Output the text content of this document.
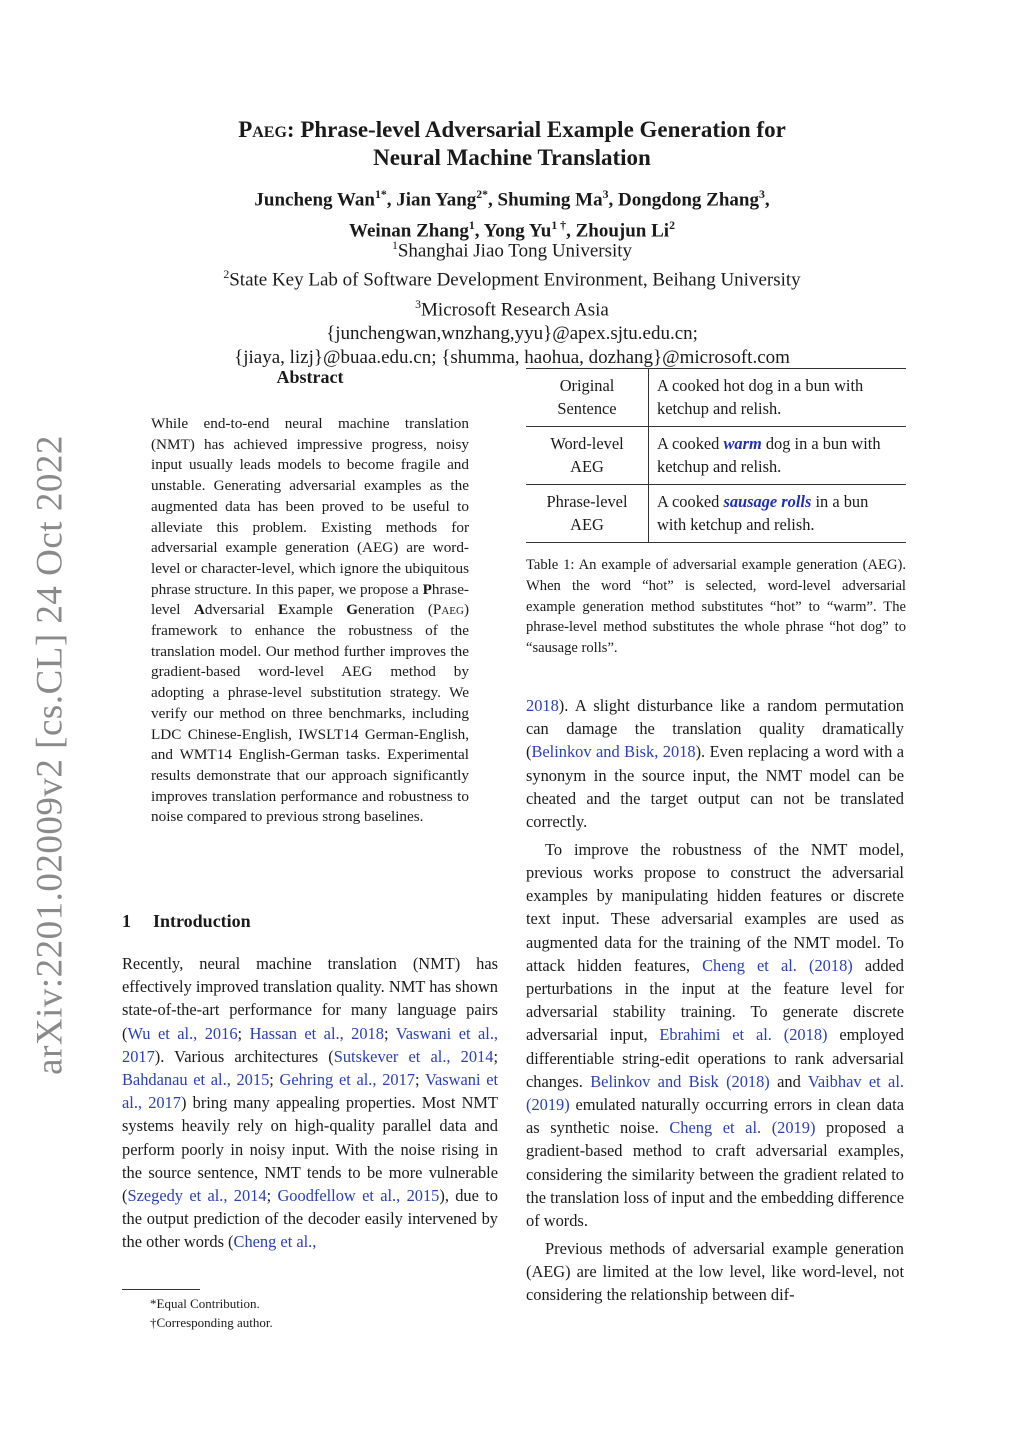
arXiv:2201.02009v2 [cs.CL] 24 Oct 2022
Paeg: Phrase-level Adversarial Example Generation for
Neural Machine Translation
Juncheng Wan$^{1*}$, Jian Yang$^{2*}$, Shuming Ma$^3$, Dongdong Zhang$^3$,
Weinan Zhang$^1$, Yong $Yu^{1 \dagger}$, Zhoujun Li$^2$
$^1$Shanghai Jiao Tong University
$^2$State Key Lab of Software Development Environment, Beihang University
$^3$Microsoft Research Asia
{junchengwan,wnzhang,yyu}@apex.sjtu.edu.cn;
{jiaya, lizj}@buaa.edu.cn; {shumma, haohua, dozhang}@microsoft.com
Abstract
While end-to-end neural machine translation (NMT) has achieved impressive progress, noisy input usually leads models to become fragile and unstable. Generating adversarial examples as the augmented data has been proved to be useful to alleviate this problem. Existing methods for adversarial example generation (AEG) are word-level or character-level, which ignore the ubiquitous phrase structure. In this paper, we propose a Phrase-level Adversarial Example Generation (Paeg) framework to enhance the robustness of the translation model. Our method further improves the gradient-based word-level AEG method by adopting a phrase-level substitution strategy. We verify our method on three benchmarks, including LDC Chinese-English, IWSLT14 German-English, and WMT14 English-German tasks. Experimental results demonstrate that our approach significantly improves translation performance and robustness to noise compared to previous strong baselines.
1 Introduction
Recently, neural machine translation (NMT) has effectively improved translation quality. NMT has shown state-of-the-art performance for many language pairs (Wu et al., 2016; Hassan et al., 2018; Vaswani et al., 2017). Various architectures (Sutskever et al., 2014; Bahdanau et al., 2015; Gehring et al., 2017; Vaswani et al., 2017) bring many appealing properties. Most NMT systems heavily rely on high-quality parallel data and perform poorly in noisy input. With the noise rising in the source sentence, NMT tends to be more vulnerable (Szegedy et al., 2014; Goodfellow et al., 2015), due to the output prediction of the decoder easily intervened by the other words (Cheng et al.,
*Equal Contribution.
†Corresponding author.
Original Sentence	A cooked hot dog in a bun with ketchup and relish.
Word-level AEG	A cooked warm dog in a bun with ketchup and relish.
Phrase-level AEG	A cooked sausage rolls in a bun with ketchup and relish.
Table 1: An example of adversarial example generation (AEG). When the word “hot” is selected, word-level adversarial example generation method substitutes “hot” to “warm”. The phrase-level method substitutes the whole phrase “hot dog” to “sausage rolls”.

2018). A slight disturbance like a random permutation can damage the translation quality dramatically (Belinkov and Bisk, 2018). Even replacing a word with a synonym in the source input, the NMT model can be cheated and the target output can not be translated correctly.

To improve the robustness of the NMT model, previous works propose to construct the adversarial examples by manipulating hidden features or discrete text input. These adversarial examples are used as augmented data for the training of the NMT model. To attack hidden features, Cheng et al. (2018) added perturbations in the input at the feature level for adversarial stability training. To generate discrete adversarial input, Ebrahimi et al. (2018) employed differentiable string-edit operations to rank adversarial changes. Belinkov and Bisk (2018) and Vaibhav et al. (2019) emulated naturally occurring errors in clean data as synthetic noise. Cheng et al. (2019) proposed a gradient-based method to craft adversarial examples, considering the similarity between the gradient related to the translation loss of input and the embedding difference of words.

Previous methods of adversarial example generation (AEG) are limited at the low level, like word-level, not considering the relationship between dif-
